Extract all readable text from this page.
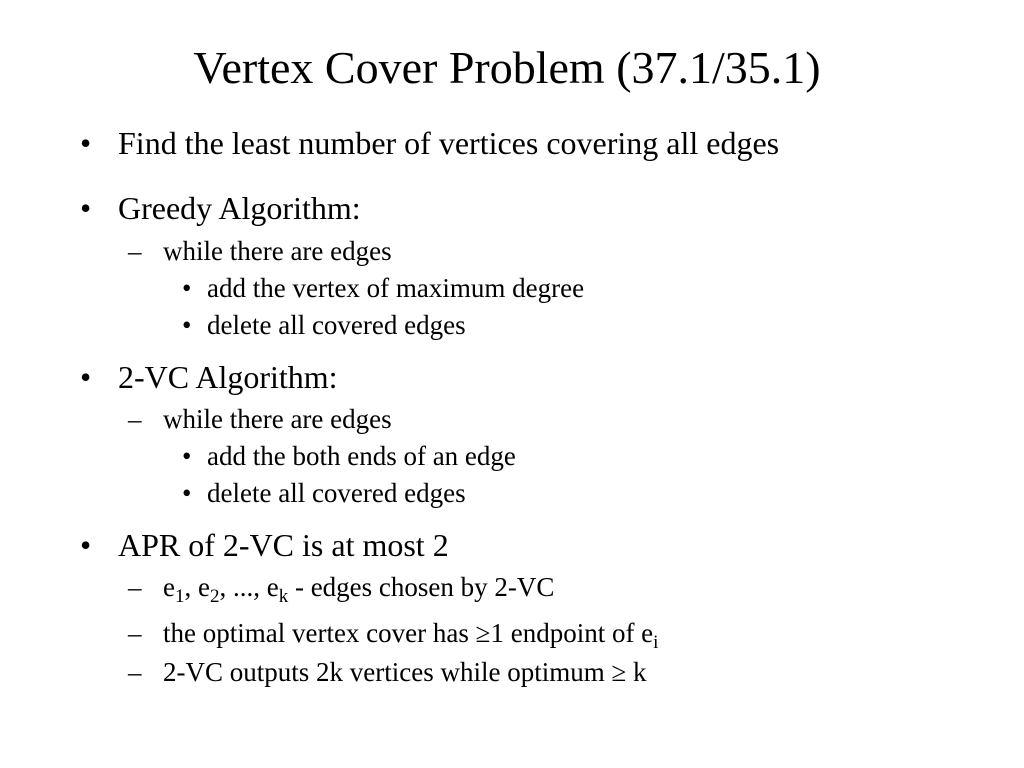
Vertex Cover Problem (37.1/35.1)
• Find the least number of vertices covering all edges
• Greedy Algorithm:
– while there are edges
• add the vertex of maximum degree
• delete all covered edges
• 2-VC Algorithm:
– while there are edges
• add the both ends of an edge
• delete all covered edges
• APR of 2-VC is at most 2
– $e_1$, $e_2$, ..., $e_k$ - edges chosen by 2-VC
– the optimal vertex cover has ≥1 endpoint of $e_i$
– 2-VC outputs 2k vertices while optimum ≥ k
